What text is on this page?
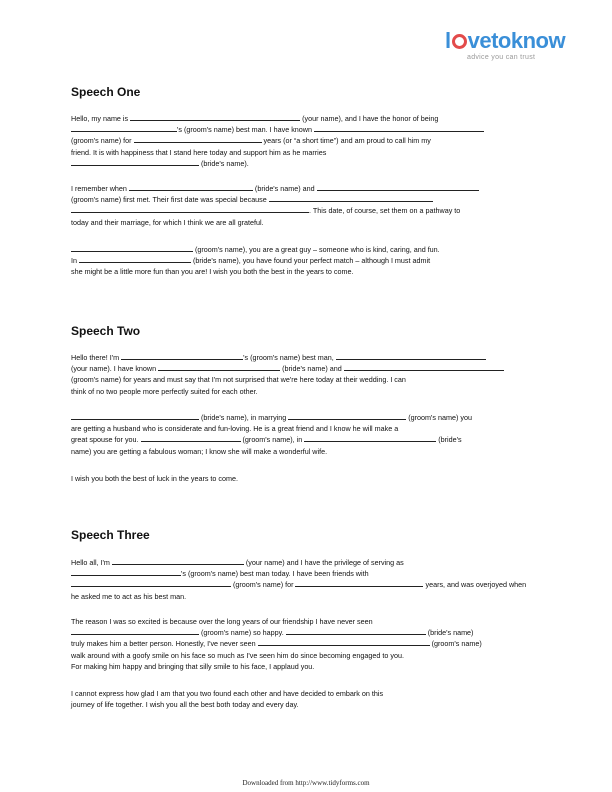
l vetoknow
advice you can trust
Speech One

Hello, my name is	(your name), and I have the honor of being
's (groom's name) best man. I have known
(groom's name) for	years (or “a short time”) and am proud to call him my
friend. It is with happiness that I stand here today and support him as he marries
(bride's name).

I remember when	(bride's name) and
(groom's name) first met. Their first date was special because
. This date, of course, set them on a pathway to
today and their marriage, for which I think we are all grateful.

(groom's name), you are a great guy – someone who is kind, caring, and fun.
In	(bride's name), you have found your perfect match – although I must admit
she might be a little more fun than you are! I wish you both the best in the years to come.

Speech Two

Hello there! I'm	's (groom's name) best man,
(your name). I have known	(bride's name) and
(groom's name) for years and must say that I'm not surprised that we're here today at their wedding. I can
think of no two people more perfectly suited for each other.

(bride's name), in marrying	(groom's name) you
are getting a husband who is considerate and fun-loving. He is a great friend and I know he will make a
great spouse for you.	(groom's name), in	(bride's
name) you are getting a fabulous woman; I know she will make a wonderful wife.

I wish you both the best of luck in the years to come.

Speech Three

Hello all, I'm	(your name) and I have the privilege of serving as
's (groom's name) best man today. I have been friends with
(groom's name) for	years, and was overjoyed when
he asked me to act as his best man.

The reason I was so excited is because over the long years of our friendship I have never seen
(groom's name) so happy.	(bride's name)
truly makes him a better person. Honestly, I've never seen	(groom's name)
walk around with a goofy smile on his face so much as I've seen him do since becoming engaged to you.
For making him happy and bringing that silly smile to his face, I applaud you.

I cannot express how glad I am that you two found each other and have decided to embark on this
journey of life together. I wish you all the best both today and every day.

Downloaded from http://www.tidyforms.com
